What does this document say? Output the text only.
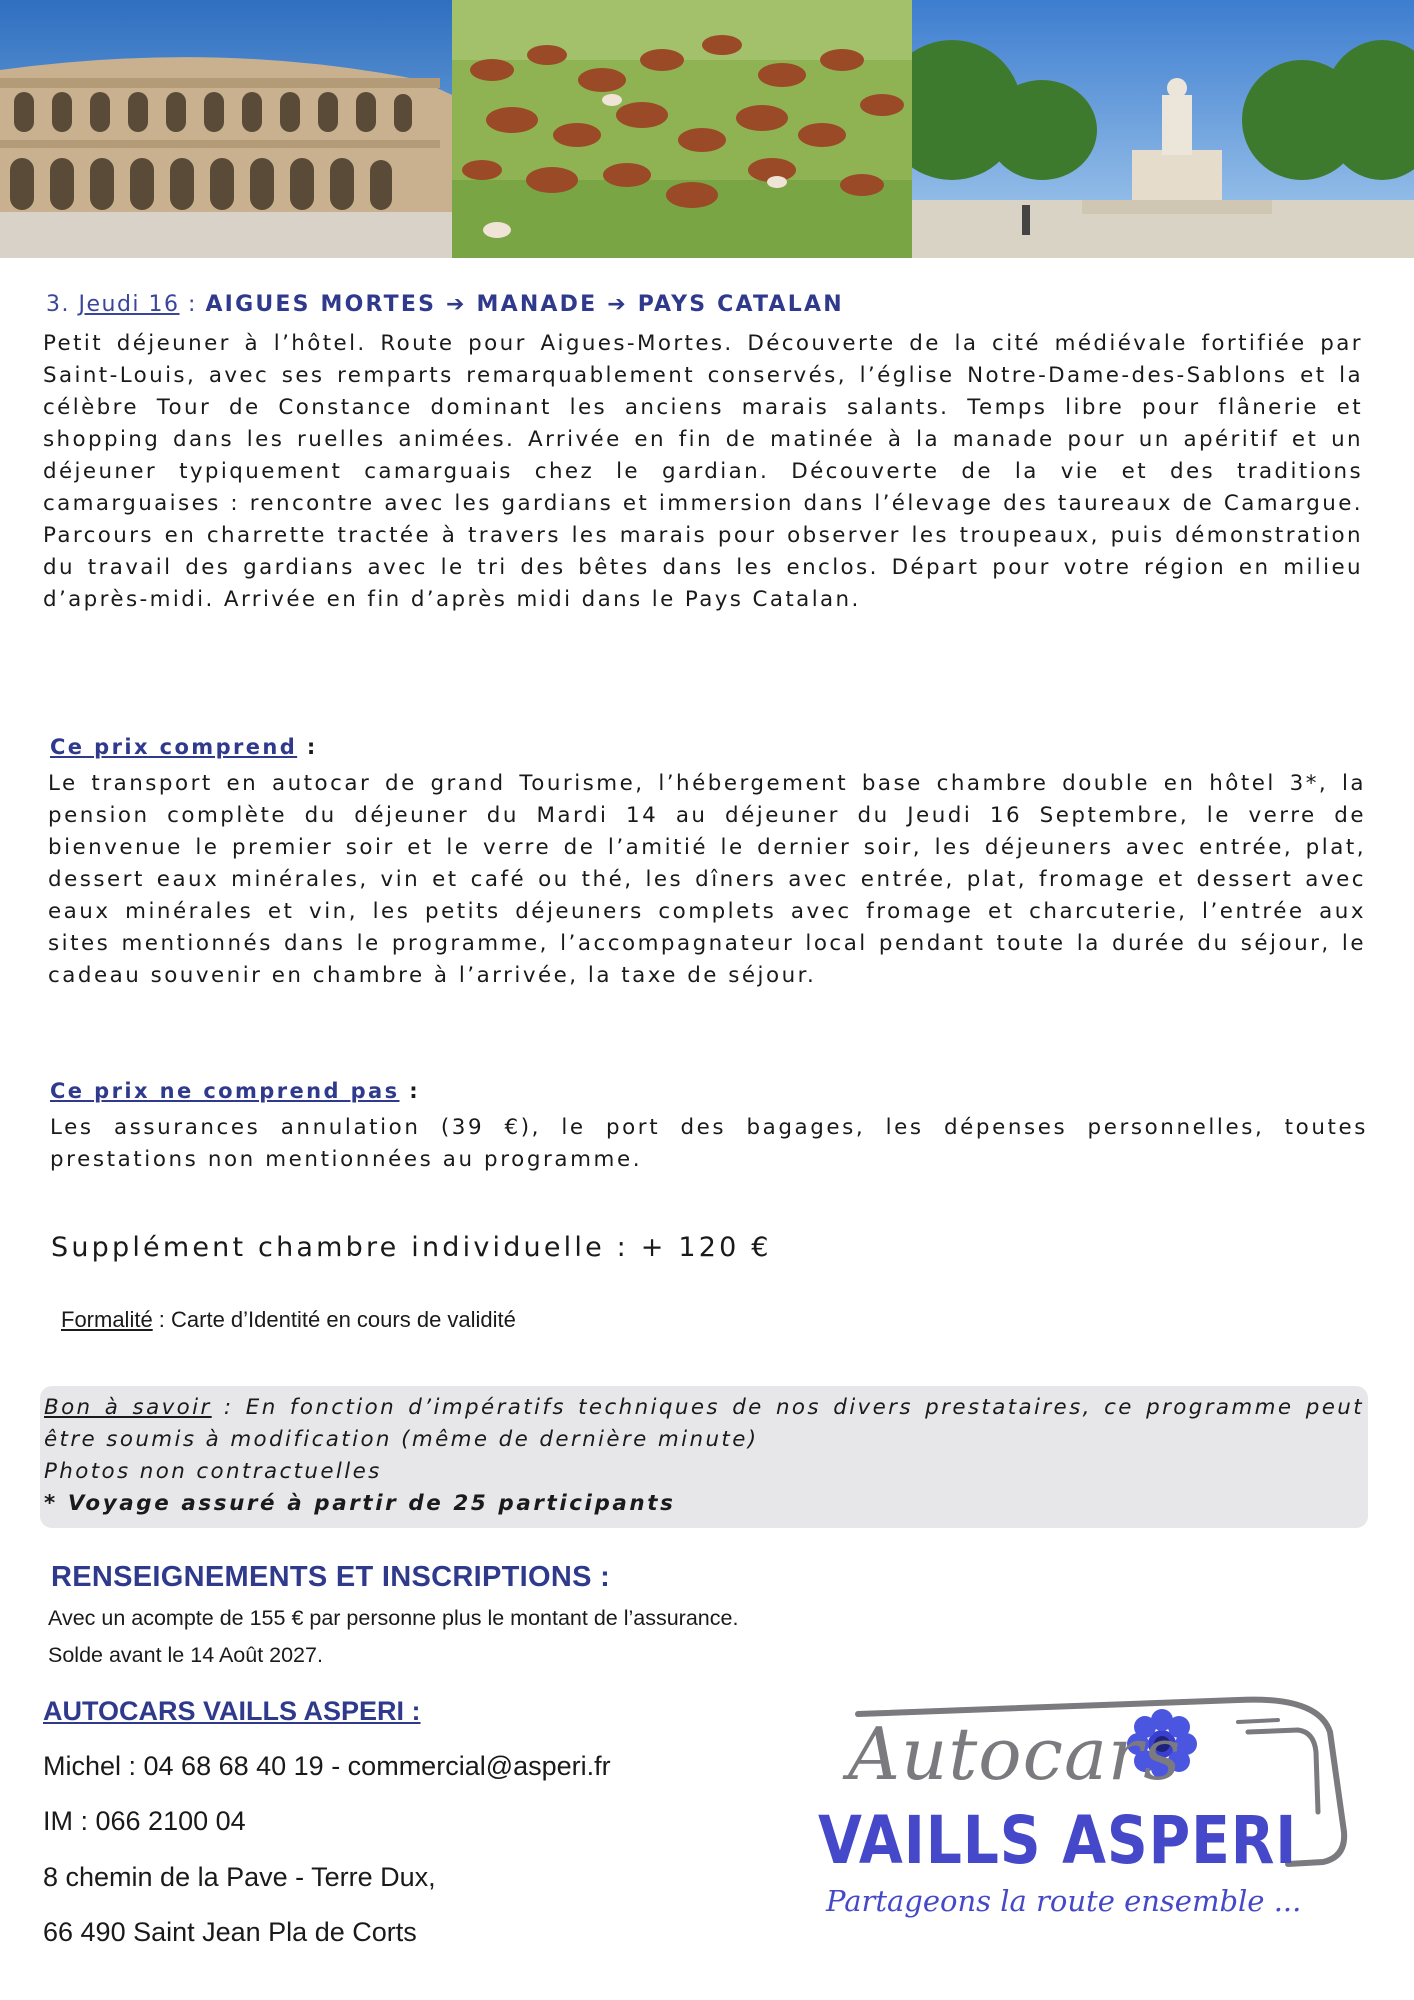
3. Jeudi 16 : AIGUES MORTES ➔ MANADE ➔ PAYS CATALAN
Petit déjeuner à l’hôtel. Route pour Aigues-Mortes. Découverte de la cité médiévale fortifiée par Saint-Louis, avec ses remparts remarquablement conservés, l’église Notre-Dame-des-Sablons et la célèbre Tour de Constance dominant les anciens marais salants. Temps libre pour flânerie et shopping dans les ruelles animées. Arrivée en fin de matinée à la manade pour un apéritif et un déjeuner typiquement camarguais chez le gardian. Découverte de la vie et des traditions camarguaises : rencontre avec les gardians et immersion dans l’élevage des taureaux de Camargue. Parcours en charrette tractée à travers les marais pour observer les troupeaux, puis démonstration du travail des gardians avec le tri des bêtes dans les enclos. Départ pour votre région en milieu d’après-midi. Arrivée en fin d’après midi dans le Pays Catalan.
Ce prix comprend :
Le transport en autocar de grand Tourisme, l’hébergement base chambre double en hôtel 3*, la pension complète du déjeuner du Mardi 14 au déjeuner du Jeudi 16 Septembre, le verre de bienvenue le premier soir et le verre de l’amitié le dernier soir, les déjeuners avec entrée, plat, dessert eaux minérales, vin et café ou thé, les dîners avec entrée, plat, fromage et dessert avec eaux minérales et vin, les petits déjeuners complets avec fromage et charcuterie, l’entrée aux sites mentionnés dans le programme, l’accompagnateur local pendant toute la durée du séjour, le cadeau souvenir en chambre à l’arrivée, la taxe de séjour.
Ce prix ne comprend pas :
Les assurances annulation (39 €), le port des bagages, les dépenses personnelles, toutes prestations non mentionnées au programme.
Supplément chambre individuelle : + 120 €
Formalité : Carte d’Identité en cours de validité
Bon à savoir : En fonction d’impératifs techniques de nos divers prestataires, ce programme peut être soumis à modification (même de dernière minute)
Photos non contractuelles
* Voyage assuré à partir de 25 participants
RENSEIGNEMENTS ET INSCRIPTIONS :
Avec un acompte de 155 € par personne plus le montant de l’assurance.
Solde avant le 14 Août 2027.
AUTOCARS VAILLS ASPERI :
Michel : 04 68 68 40 19 - commercial@asperi.fr
IM : 066 2100 04
8 chemin de la Pave - Terre Dux,
66 490 Saint Jean Pla de Corts
Autocars
VAILLS ASPERI
Partageons la route ensemble ...
